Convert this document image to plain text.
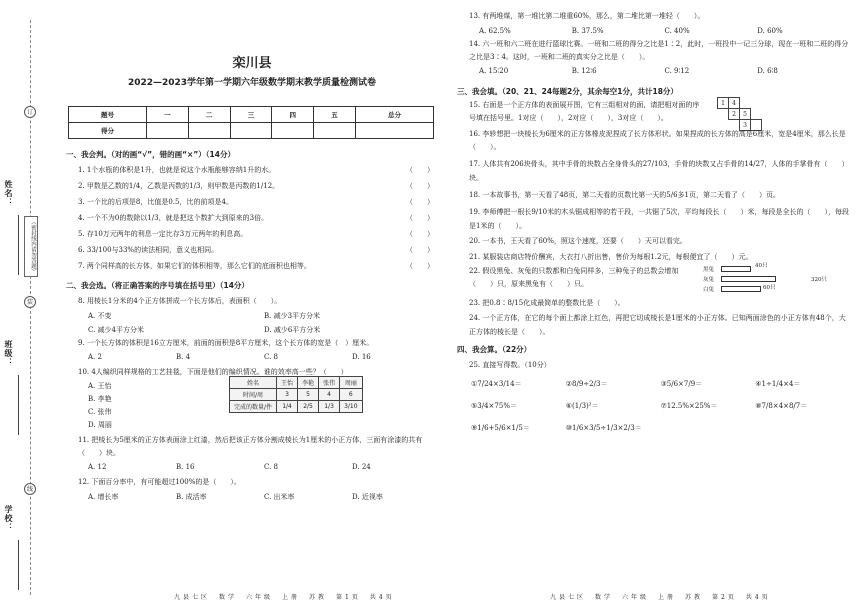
姓名：
班级：
学校：
订
装
线
（密封线内请勿答题）
栾川县
2022—2023学年第一学期六年级数学期末教学质量检测试卷
题号	一	二	三	四	五	总分
得分						
一、我会判。（对的画“√”，错的画“×”）（14分）
1. 1个水瓶的体积是1升，也就是说这个水瓶能够容纳1升的水。	（　　）
2. 甲数是乙数的1/4，乙数是丙数的1/3，则甲数是丙数的1/12。	（　　）
3. 一个比的后项是8，比值是0.5，比的前项是4。	（　　）
4. 一个不为0的数除以1/3，就是把这个数扩大到原来的3倍。	（　　）
5. 存10万元两年的利息一定比存3万元两年的利息高。	（　　）
6. 33/100与33%的读法相同，意义也相同。	（　　）
7. 两个同样高的长方体，如果它们的体积相等，那么它们的底面积也相等。	（　　）
二、我会选。（将正确答案的序号填在括号里）（14分）
8. 用棱长1分米的4个正方体拼成一个长方体后，表面积（　　）。
A. 不变	B. 减少3平方分米
C. 减少4平方分米	D. 减少6平方分米
9. 一个长方体的体积是16立方厘米，前面的面积是8平方厘米，这个长方体的宽是（　）厘米。
A. 2	B. 4	C. 8	D. 16
10. 4人编织同样规格的工艺挂毯，下面是他们的编织情况。谁的效率高一些？（　　）
A. 王怡
B. 李艳
C. 张伟
D. 周丽
姓名	王怡	李艳	张伟	周丽
时间/周	3	5	4	6
完成的数量/件	1/4	2/5	1/3	3/10
11. 把棱长为5厘米的正方体表面涂上红漆，然后把该正方体分割成棱长为1厘米的小正方体，三面有涂漆的共有（　　）块。
A. 12	B. 16	C. 8	D. 24
12. 下面百分率中，有可能超过100%的是（　　）。
A. 增长率	B. 成活率	C. 出米率	D. 近视率
九县七区　数学　六年级　上册　苏教　第1页　共4页
13. 有两堆煤，第一堆比第二堆重60%，那么，第二堆比第一堆轻（　　）。
A. 62.5%	B. 37.5%	C. 40%	D. 60%
14. 六一班和六二班在进行篮球比赛。一班和二班的得分之比是1∶2，此时，一班投中一记三分球，现在一班和二班的得分之比是3∶4。这时，一班和二班的真实分之比是（　　）。
A. 15∶20	B. 12∶6	C. 9∶12	D. 6∶8
三、我会填。（20、21、24每题2分，其余每空1分，共计18分）
15. 右面是一个正方体的表面展开图，它有三组相对的面，请把相对面的序号填在括号里。1对应（　　），2对应（　　），3对应（　　）。
1	4		
	2	5	
		3	
16. 李轸想把一块棱长为6厘米的正方体橡皮泥捏成了长方体形状。如果捏成的长方体的高是6厘米，宽是4厘米，那么长是（　　）。
17. 人体共有206块骨头，其中手骨的块数占全身骨头的27/103，手骨的块数又占手骨的14/27，人体的手掌骨有（　　）块。
18. 一本故事书，第一天看了48页，第二天看的页数比第一天的5/6多1页，第二天看了（　　）页。
19. 李师傅把一根长9/10米的木头锯成相等的若干段，一共锯了5次，平均每段长（　　）米，每段是全长的（　　），每段是1米的（　　）。
20. 一本书，王天看了60%，照这个速度，还要（　　）天可以看完。
21. 某服装店商店特价酬宾，大衣打八折出售，售价为每根1.2元，每根便宜了（　　）元。
22. 假设黑兔、灰兔的只数都和白兔同样多，三种兔子的总数会增加（　　）只，原来黑兔有（　　）只。
黑兔
40只
灰兔
60只
白兔
320只
23. 把0.8∶8/15化成最简单的整数比是（　　）。
24. 一个正方体，在它的每个面上都涂上红色，再把它切成棱长是1厘米的小正方体。已知两面涂色的小正方体有48个，大正方体的棱长是（　　）。
四、我会算。（22分）
25. 直接写得数。（10分）
①7/24×3/14＝	②8/9÷2/3＝	③5/6×7/9＝	④1÷1/4×4＝
⑤3/4×75%＝	⑥(1/3)²＝	⑦12.5%×25%＝	⑧7/8×4×8/7＝
⑨1/6+5/6×1/5＝	⑩1/6×3/5÷1/3×2/3＝
九县七区　数学　六年级　上册　苏教　第2页　共4页
